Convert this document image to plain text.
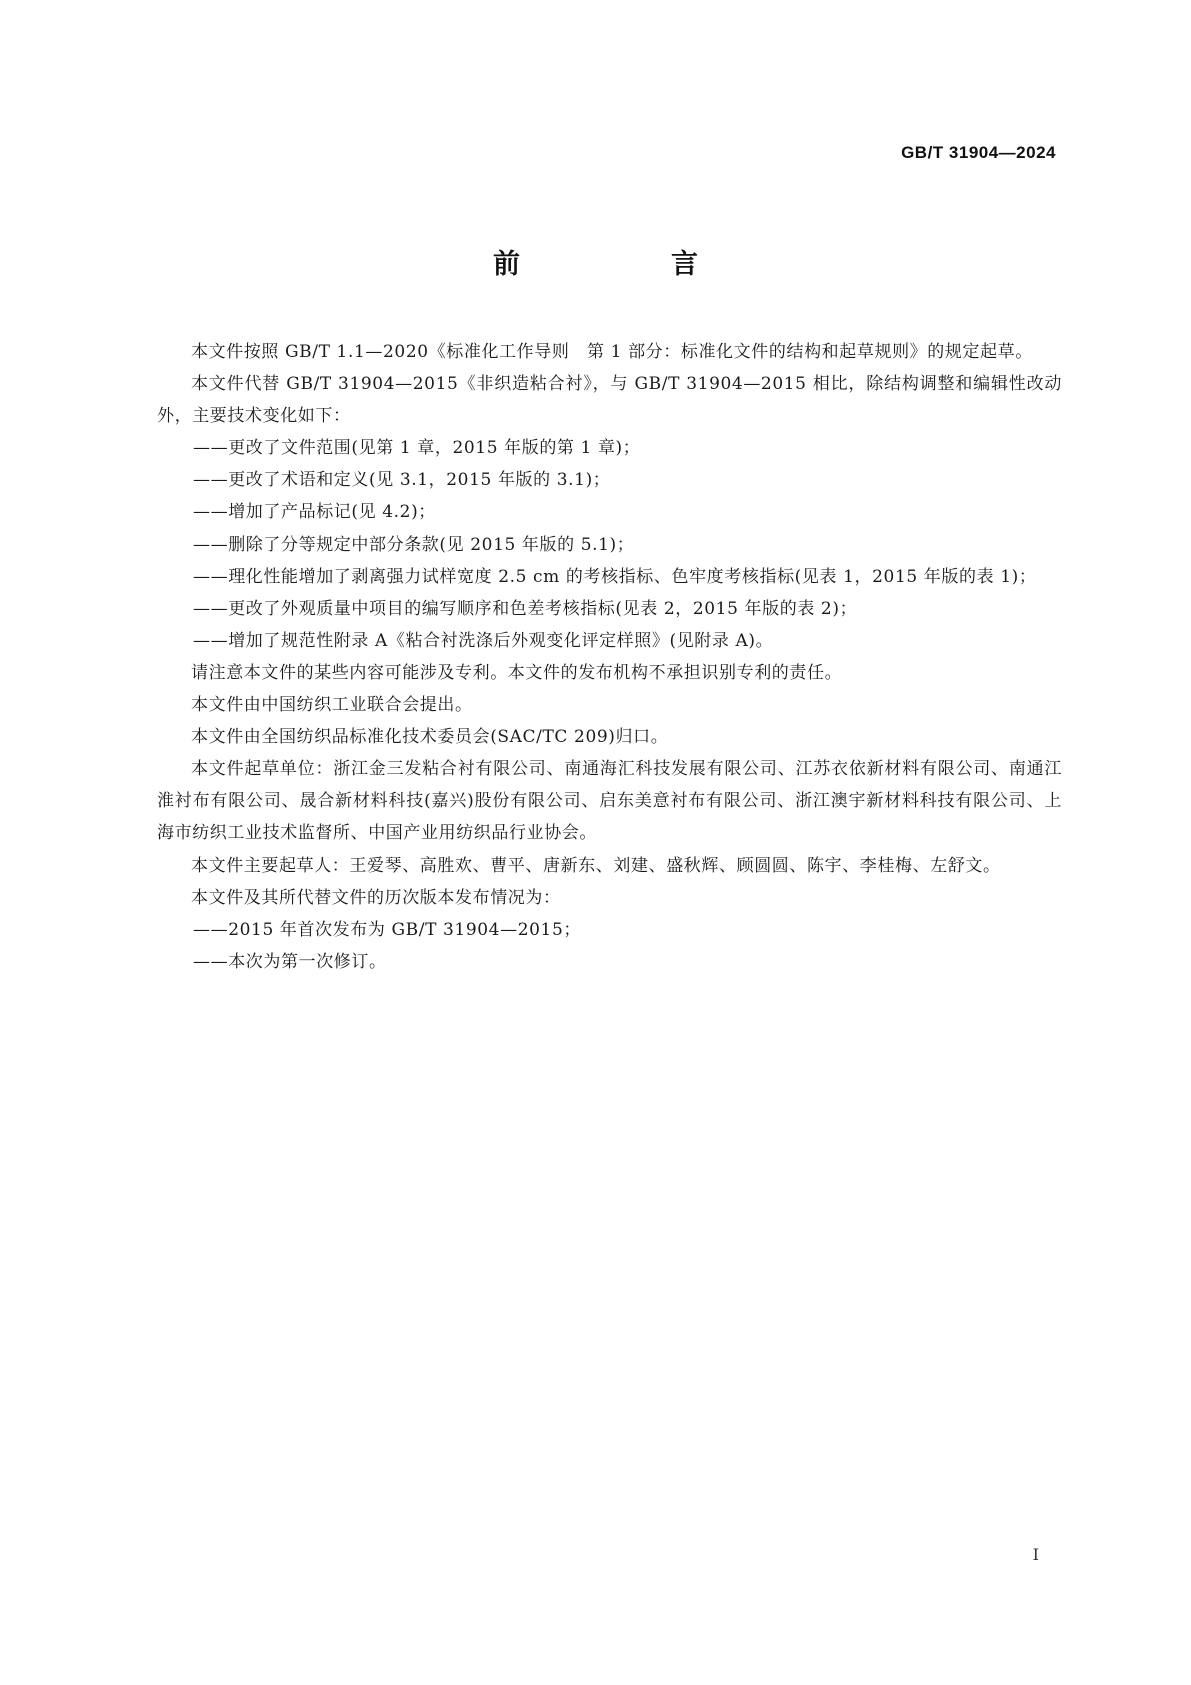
GB/T 31904—2024
前　言

本文件按照 GB/T 1.1—2020《标准化工作导则　第 1 部分：标准化文件的结构和起草规则》的规定起草。

本文件代替 GB/T 31904—2015《非织造粘合衬》，与 GB/T 31904—2015 相比，除结构调整和编辑性改动外，主要技术变化如下：

——更改了文件范围(见第 1 章，2015 年版的第 1 章)；

——更改了术语和定义(见 3.1，2015 年版的 3.1)；

——增加了产品标记(见 4.2)；

——删除了分等规定中部分条款(见 2015 年版的 5.1)；

——理化性能增加了剥离强力试样宽度 2.5 cm 的考核指标、色牢度考核指标(见表 1，2015 年版的表 1)；

——更改了外观质量中项目的编写顺序和色差考核指标(见表 2，2015 年版的表 2)；

——增加了规范性附录 A《粘合衬洗涤后外观变化评定样照》(见附录 A)。

请注意本文件的某些内容可能涉及专利。本文件的发布机构不承担识别专利的责任。

本文件由中国纺织工业联合会提出。

本文件由全国纺织品标准化技术委员会(SAC/TC 209)归口。

本文件起草单位：浙江金三发粘合衬有限公司、南通海汇科技发展有限公司、江苏衣依新材料有限公司、南通江淮衬布有限公司、晟合新材料科技(嘉兴)股份有限公司、启东美意衬布有限公司、浙江澳宇新材料科技有限公司、上海市纺织工业技术监督所、中国产业用纺织品行业协会。

本文件主要起草人：王爱琴、高胜欢、曹平、唐新东、刘建、盛秋辉、顾圆圆、陈宇、李桂梅、左舒文。

本文件及其所代替文件的历次版本发布情况为：

——2015 年首次发布为 GB/T 31904—2015；

——本次为第一次修订。

I
